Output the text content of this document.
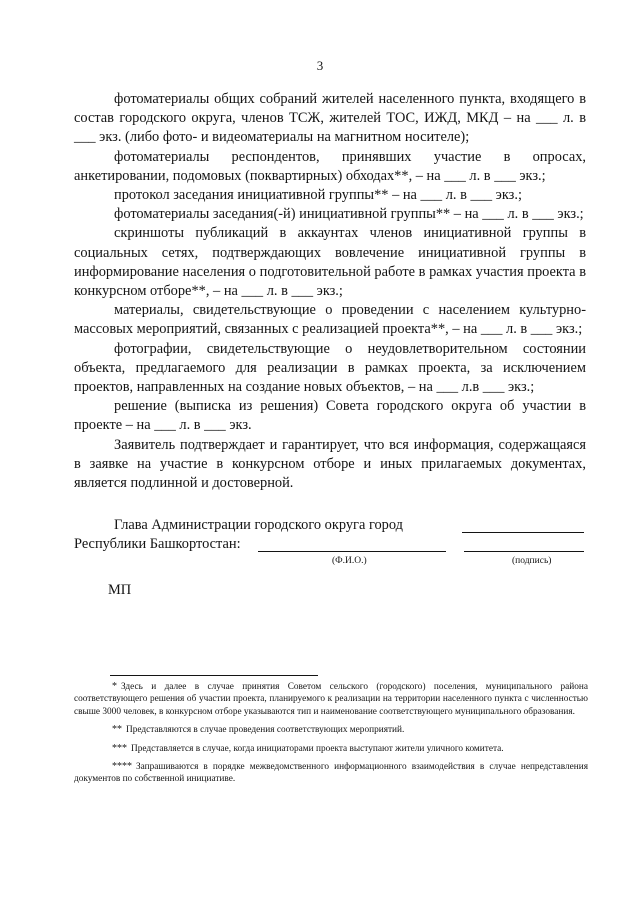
3

фотоматериалы общих собраний жителей населенного пункта, входящего в состав городского округа, членов ТСЖ, жителей ТОС, ИЖД, МКД – на ___ л. в ___ экз. (либо фото- и видеоматериалы на магнитном носителе);

фотоматериалы респондентов, принявших участие в опросах, анкетировании, подомовых (поквартирных) обходах**, – на ___ л. в ___ экз.;

протокол заседания инициативной группы** – на ___ л. в ___ экз.;

фотоматериалы заседания(-й) инициативной группы** – на ___ л. в ___ экз.;

скриншоты публикаций в аккаунтах членов инициативной группы в социальных сетях, подтверждающих вовлечение инициативной группы в информирование населения о подготовительной работе в рамках участия проекта в конкурсном отборе**, – на ___ л. в ___ экз.;

материалы, свидетельствующие о проведении с населением культурно-массовых мероприятий, связанных с реализацией проекта**, – на ___ л. в ___ экз.;

фотографии, свидетельствующие о неудовлетворительном состоянии объекта, предлагаемого для реализации в рамках проекта, за исключением проектов, направленных на создание новых объектов, – на ___ л.в ___ экз.;

решение (выписка из решения) Совета городского округа об участии в проекте – на ___ л. в ___ экз.

Заявитель подтверждает и гарантирует, что вся информация, содержащаяся в заявке на участие в конкурсном отборе и иных прилагаемых документах, является подлинной и достоверной.

Глава Администрации городского округа город
Республики Башкортостан:
(Ф.И.О.)	(подпись)
МП

* Здесь и далее в случае принятия Советом сельского (городского) поселения, муниципального района соответствующего решения об участии проекта, планируемого к реализации на территории населенного пункта с численностью свыше 3000 человек, в конкурсном отборе указываются тип и наименование соответствующего муниципального образования.

** Представляются в случае проведения соответствующих мероприятий.

*** Представляется в случае, когда инициаторами проекта выступают жители уличного комитета.

**** Запрашиваются в порядке межведомственного информационного взаимодействия в случае непредставления документов по собственной инициативе.
